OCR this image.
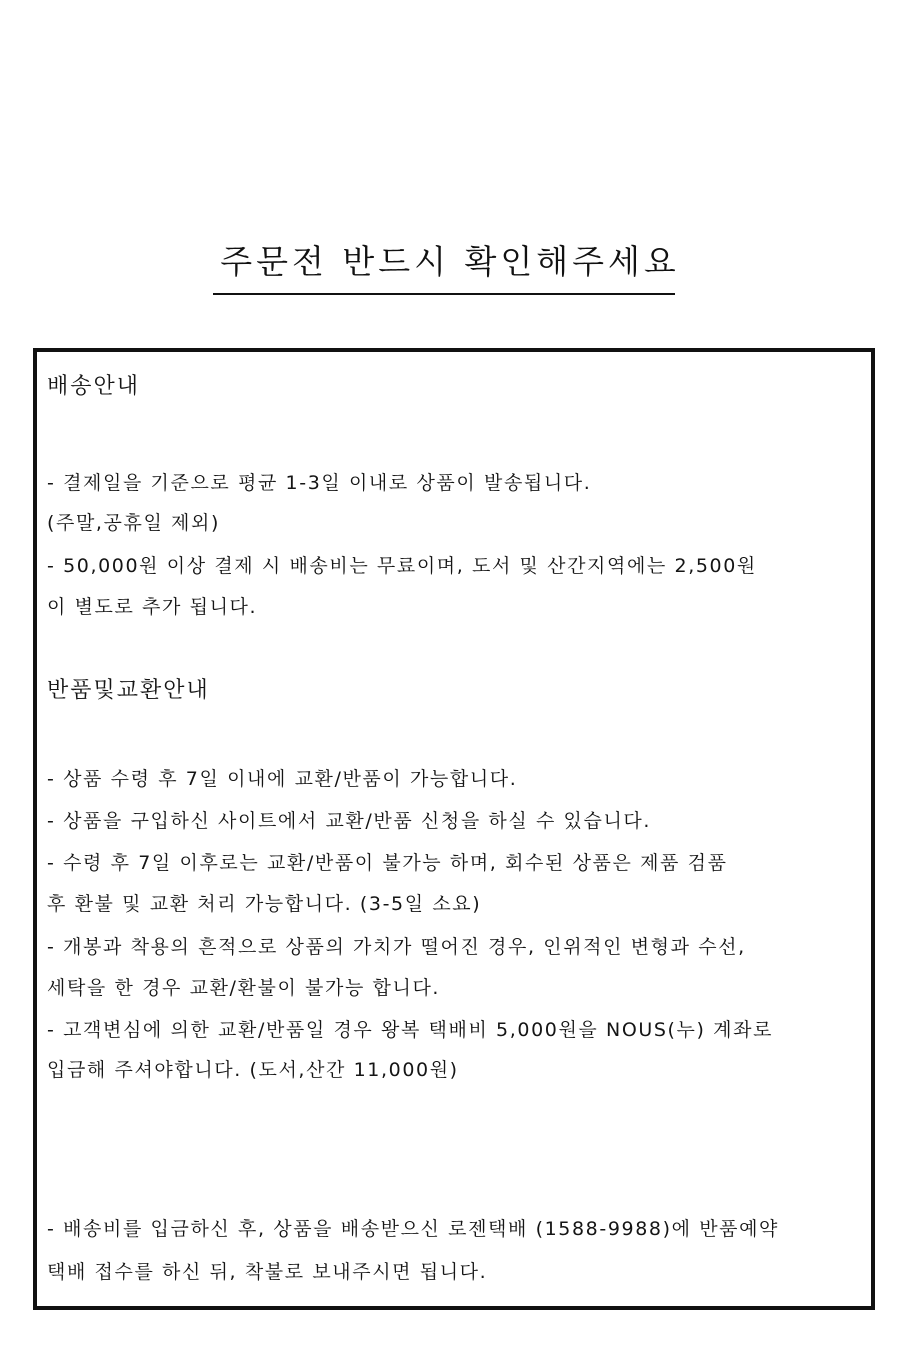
주문전 반드시 확인해주세요
배송안내
- 결제일을 기준으로 평균 1-3일 이내로 상품이 발송됩니다.
(주말,공휴일 제외)
- 50,000원 이상 결제 시 배송비는 무료이며, 도서 및 산간지역에는 2,500원
이 별도로 추가 됩니다.
반품및교환안내
- 상품 수령 후 7일 이내에 교환/반품이 가능합니다.
- 상품을 구입하신 사이트에서 교환/반품 신청을 하실 수 있습니다.
- 수령 후 7일 이후로는 교환/반품이 불가능 하며, 회수된 상품은 제품 검품
후 환불 및 교환 처리 가능합니다. (3-5일 소요)
- 개봉과 착용의 흔적으로 상품의 가치가 떨어진 경우, 인위적인 변형과 수선,
세탁을 한 경우 교환/환불이 불가능 합니다.
- 고객변심에 의한 교환/반품일 경우 왕복 택배비 5,000원을 NOUS(누) 계좌로
입금해 주셔야합니다. (도서,산간 11,000원)
- 배송비를 입금하신 후, 상품을 배송받으신 로젠택배 (1588-9988)에 반품예약
택배 접수를 하신 뒤, 착불로 보내주시면 됩니다.
